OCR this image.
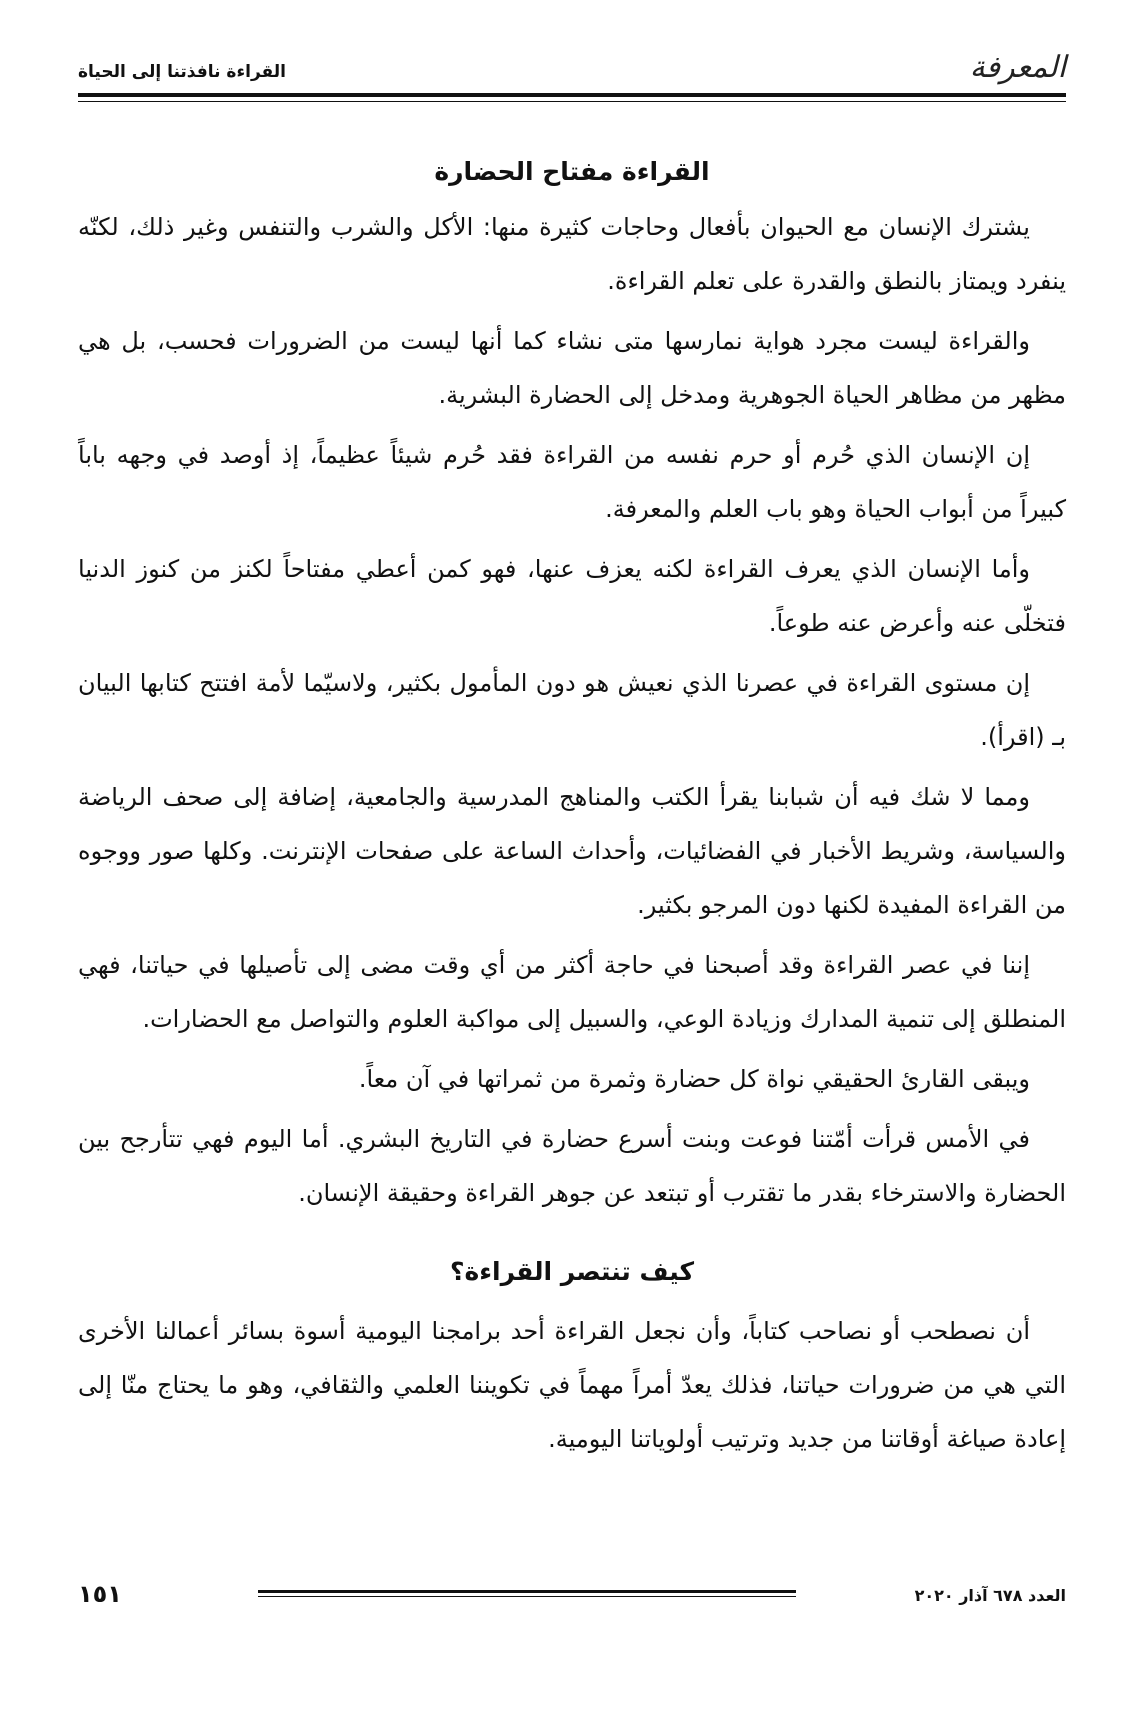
المعرفة
القراءة نافذتنا إلى الحياة
القراءة مفتاح الحضارة
يشترك الإنسان مع الحيوان بأفعال وحاجات كثيرة منها: الأكل والشرب والتنفس وغير ذلك، لكنّه ينفرد ويمتاز بالنطق والقدرة على تعلم القراءة.
والقراءة ليست مجرد هواية نمارسها متى نشاء كما أنها ليست من الضرورات فحسب، بل هي مظهر من مظاهر الحياة الجوهرية ومدخل إلى الحضارة البشرية.
إن الإنسان الذي حُرم أو حرم نفسه من القراءة فقد حُرم شيئاً عظيماً، إذ أوصد في وجهه باباً كبيراً من أبواب الحياة وهو باب العلم والمعرفة.
وأما الإنسان الذي يعرف القراءة لكنه يعزف عنها، فهو كمن أعطي مفتاحاً لكنز من كنوز الدنيا فتخلّى عنه وأعرض عنه طوعاً.
إن مستوى القراءة في عصرنا الذي نعيش هو دون المأمول بكثير، ولاسيّما لأمة افتتح كتابها البيان بـ (اقرأ).
ومما لا شك فيه أن شبابنا يقرأ الكتب والمناهج المدرسية والجامعية، إضافة إلى صحف الرياضة والسياسة، وشريط الأخبار في الفضائيات، وأحداث الساعة على صفحات الإنترنت. وكلها صور ووجوه من القراءة المفيدة لكنها دون المرجو بكثير.
إننا في عصر القراءة وقد أصبحنا في حاجة أكثر من أي وقت مضى إلى تأصيلها في حياتنا، فهي المنطلق إلى تنمية المدارك وزيادة الوعي، والسبيل إلى مواكبة العلوم والتواصل مع الحضارات.
ويبقى القارئ الحقيقي نواة كل حضارة وثمرة من ثمراتها في آن معاً.
في الأمس قرأت أمّتنا فوعت وبنت أسرع حضارة في التاريخ البشري. أما اليوم فهي تتأرجح بين الحضارة والاسترخاء بقدر ما تقترب أو تبتعد عن جوهر القراءة وحقيقة الإنسان.
كيف تنتصر القراءة؟
أن نصطحب أو نصاحب كتاباً، وأن نجعل القراءة أحد برامجنا اليومية أسوة بسائر أعمالنا الأخرى التي هي من ضرورات حياتنا، فذلك يعدّ أمراً مهماً في تكويننا العلمي والثقافي، وهو ما يحتاج منّا إلى إعادة صياغة أوقاتنا من جديد وترتيب أولوياتنا اليومية.
العدد ٦٧٨ آذار ٢٠٢٠
١٥١
